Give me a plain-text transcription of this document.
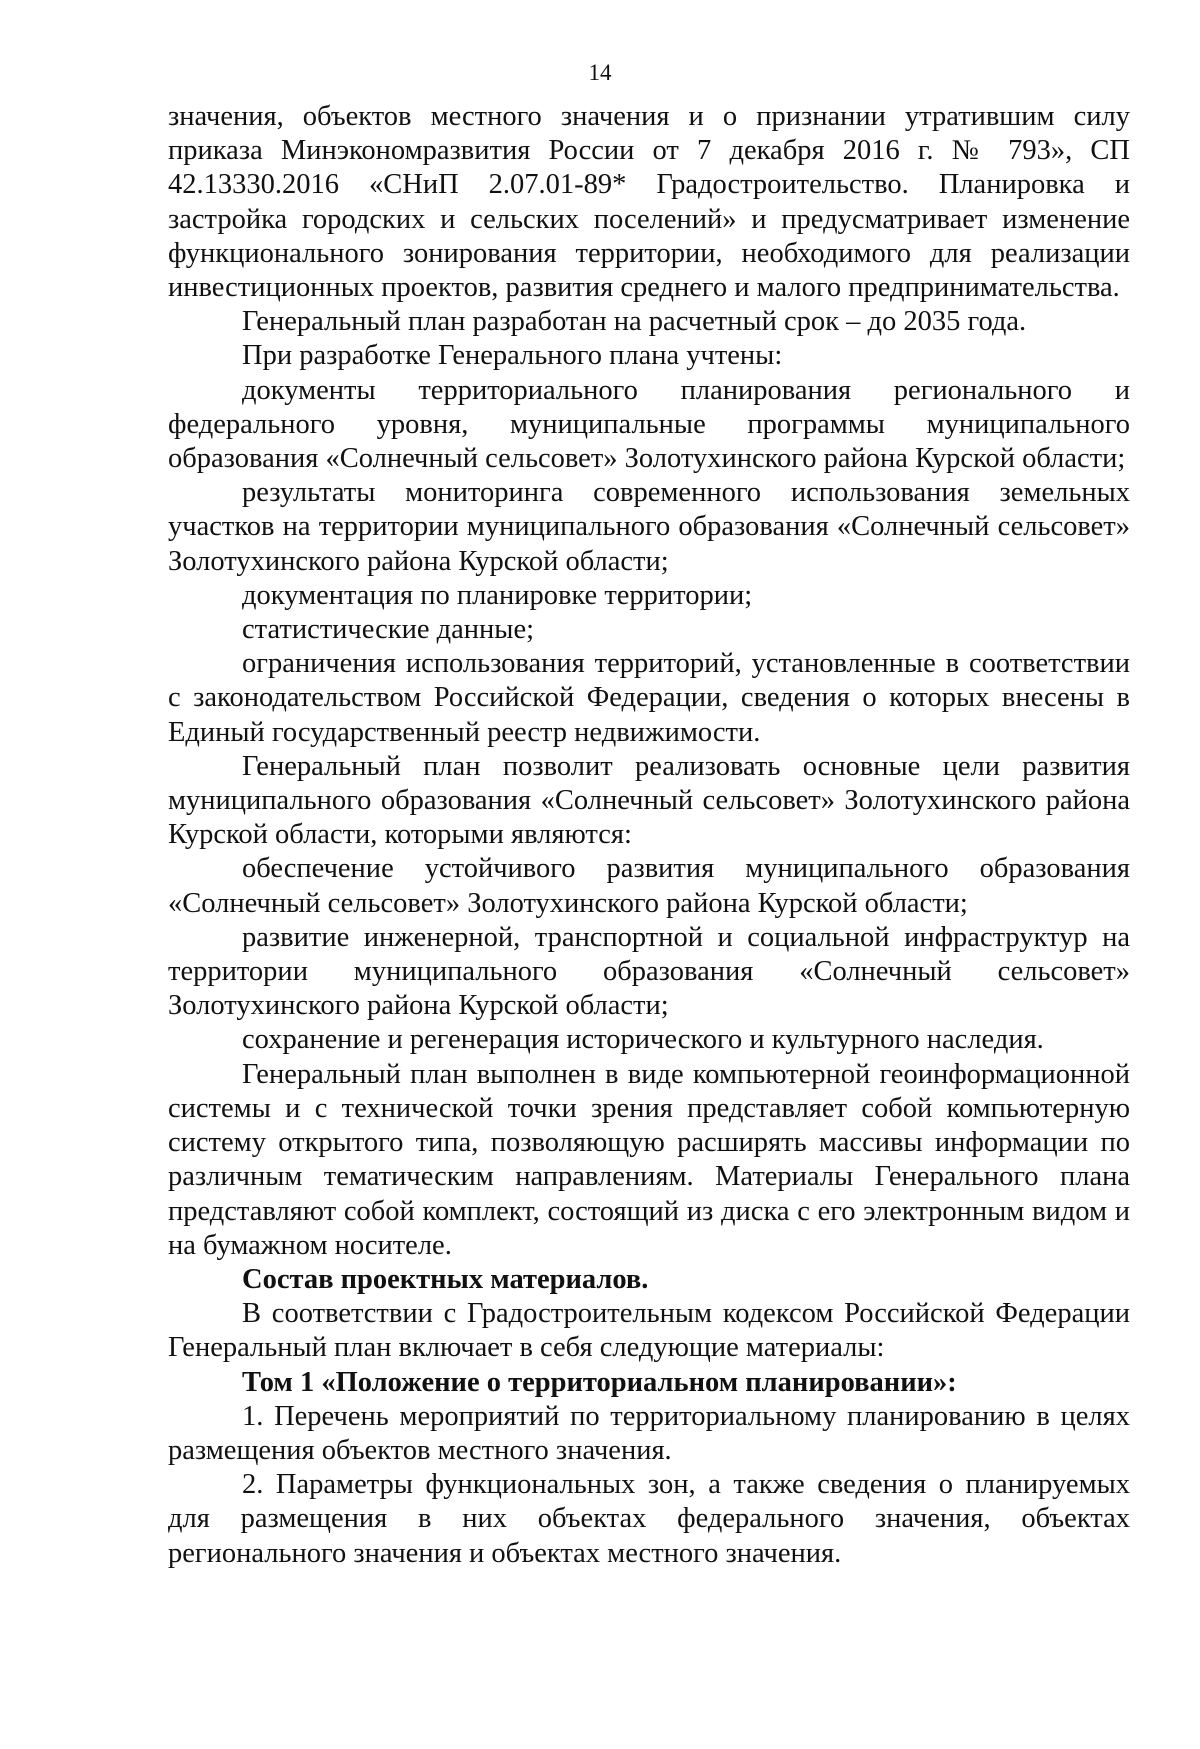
14

значения, объектов местного значения и о признании утратившим силу приказа Минэкономразвития России от 7 декабря 2016 г. № 793», СП 42.13330.2016 «СНиП 2.07.01-89* Градостроительство. Планировка и застройка городских и сельских поселений» и предусматривает изменение функционального зонирования территории, необходимого для реализации инвестиционных проектов, развития среднего и малого предпринимательства.

Генеральный план разработан на расчетный срок – до 2035 года.

При разработке Генерального плана учтены:

документы территориального планирования регионального и федерального уровня, муниципальные программы муниципального образования «Солнечный сельсовет» Золотухинского района Курской области;

результаты мониторинга современного использования земельных участков на территории муниципального образования «Солнечный сельсовет» Золотухинского района Курской области;

документация по планировке территории;

статистические данные;

ограничения использования территорий, установленные в соответствии с законодательством Российской Федерации, сведения о которых внесены в Единый государственный реестр недвижимости.

Генеральный план позволит реализовать основные цели развития муниципального образования «Солнечный сельсовет» Золотухинского района Курской области, которыми являются:

обеспечение устойчивого развития муниципального образования «Солнечный сельсовет» Золотухинского района Курской области;

развитие инженерной, транспортной и социальной инфраструктур на территории муниципального образования «Солнечный сельсовет» Золотухинского района Курской области;

сохранение и регенерация исторического и культурного наследия.

Генеральный план выполнен в виде компьютерной геоинформационной системы и с технической точки зрения представляет собой компьютерную систему открытого типа, позволяющую расширять массивы информации по различным тематическим направлениям. Материалы Генерального плана представляют собой комплект, состоящий из диска с его электронным видом и на бумажном носителе.

Состав проектных материалов.

В соответствии с Градостроительным кодексом Российской Федерации Генеральный план включает в себя следующие материалы:

Том 1 «Положение о территориальном планировании»:

1. Перечень мероприятий по территориальному планированию в целях размещения объектов местного значения.

2. Параметры функциональных зон, а также сведения о планируемых для размещения в них объектах федерального значения, объектах регионального значения и объектах местного значения.
